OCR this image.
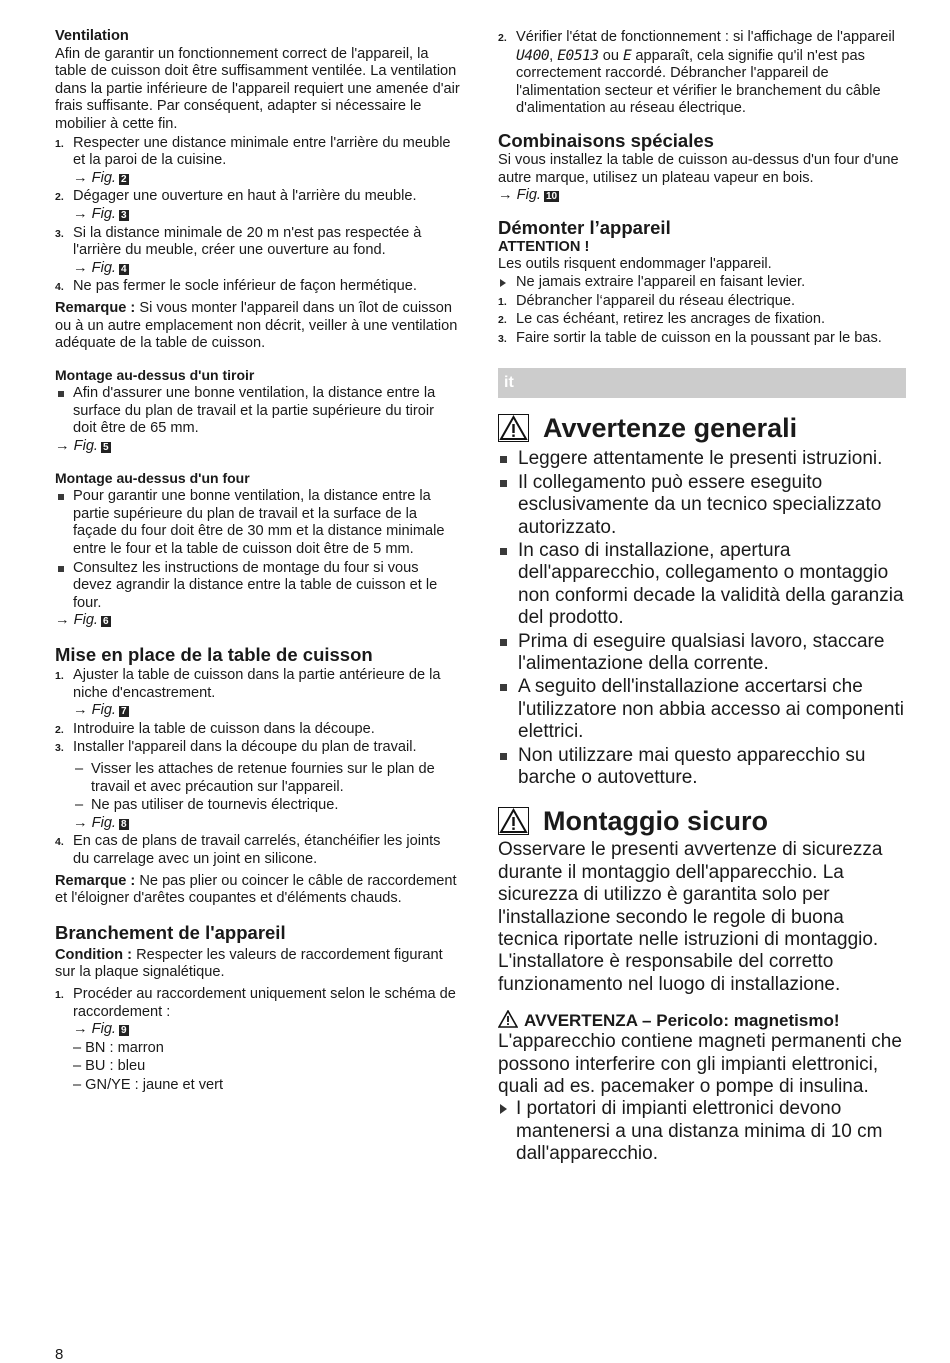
Ventilation

Afin de garantir un fonctionnement correct de l'appareil, la table de cuisson doit être suffisamment ventilée. La ventilation dans la partie inférieure de l'appareil requiert une amenée d'air frais suffisante. Par conséquent, adapter si nécessaire le mobilier à cette fin.

1. Respecter une distance minimale entre l'arrière du meuble et la paroi de la cuisine.
→ Fig. 2
2. Dégager une ouverture en haut à l'arrière du meuble.
→ Fig. 3
3. Si la distance minimale de 20 m n'est pas respectée à l'arrière du meuble, créer une ouverture au fond.
→ Fig. 4
4. Ne pas fermer le socle inférieur de façon hermétique.

Remarque : Si vous monter l'appareil dans un îlot de cuisson ou à un autre emplacement non décrit, veiller à une ventilation adéquate de la table de cuisson.

Montage au-dessus d'un tiroir
Afin d'assurer une bonne ventilation, la distance entre la surface du plan de travail et la partie supérieure du tiroir doit être de 65 mm.

→ Fig. 5

Montage au-dessus d'un four
Pour garantir une bonne ventilation, la distance entre la partie supérieure du plan de travail et la surface de la façade du four doit être de 30 mm et la distance minimale entre le four et la table de cuisson doit être de 5 mm.
Consultez les instructions de montage du four si vous devez agrandir la distance entre la table de cuisson et le four.

→ Fig. 6

Mise en place de la table de cuisson
1. Ajuster la table de cuisson dans la partie antérieure de la niche d'encastrement.
→ Fig. 7
2. Introduire la table de cuisson dans la découpe.
3. Installer l'appareil dans la découpe du plan de travail.
– Visser les attaches de retenue fournies sur le plan de travail et avec précaution sur l'appareil.
– Ne pas utiliser de tournevis électrique.
→ Fig. 8
4. En cas de plans de travail carrelés, étanchéifier les joints du carrelage avec un joint en silicone.

Remarque : Ne pas plier ou coincer le câble de raccordement et l'éloigner d'arêtes coupantes et d'éléments chauds.

Branchement de l'appareil

Condition : Respecter les valeurs de raccordement figurant sur la plaque signalétique.

1. Procéder au raccordement uniquement selon le schéma de raccordement :
→ Fig. 9
– BN : marron
– BU : bleu
– GN/YE : jaune et vert
2. Vérifier l'état de fonctionnement : si l'affichage de l'appareil U400, E0513 ou E apparaît, cela signifie qu'il n'est pas correctement raccordé. Débrancher l'appareil de l'alimentation secteur et vérifier le branchement du câble d'alimentation au réseau électrique.
Combinaisons spéciales

Si vous installez la table de cuisson au-dessus d'un four d'une autre marque, utilisez un plateau vapeur en bois.

→ Fig. 10

Démonter l’appareil

ATTENTION !

Les outils risquent endommager l'appareil.

Ne jamais extraire l'appareil en faisant levier.
1. Débrancher l‘appareil du réseau électrique.
2. Le cas échéant, retirez les ancrages de fixation.
3. Faire sortir la table de cuisson en la poussant par le bas.
it
Avvertenze generali
Leggere attentamente le presenti istruzioni.
Il collegamento può essere eseguito esclusivamente da un tecnico specializzato autorizzato.
In caso di installazione, apertura dell'apparecchio, collegamento o montaggio non conformi decade la validità della garanzia del prodotto.
Prima di eseguire qualsiasi lavoro, staccare l'alimentazione della corrente.
A seguito dell'installazione accertarsi che l'utilizzatore non abbia accesso ai componenti elettrici.
Non utilizzare mai questo apparecchio su barche o autovetture.
Montaggio sicuro

Osservare le presenti avvertenze di sicurezza durante il montaggio dell'apparecchio. La sicurezza di utilizzo è garantita solo per l'installazione secondo le regole di buona tecnica riportate nelle istruzioni di montaggio. L'installatore è responsabile del corretto funzionamento nel luogo di installazione.

AVVERTENZA – Pericolo: magnetismo!

L'apparecchio contiene magneti permanenti che possono interferire con gli impianti elettronici, quali ad es. pacemaker o pompe di insulina.

I portatori di impianti elettronici devono mantenersi a una distanza minima di 10 cm dall'apparecchio.
8
